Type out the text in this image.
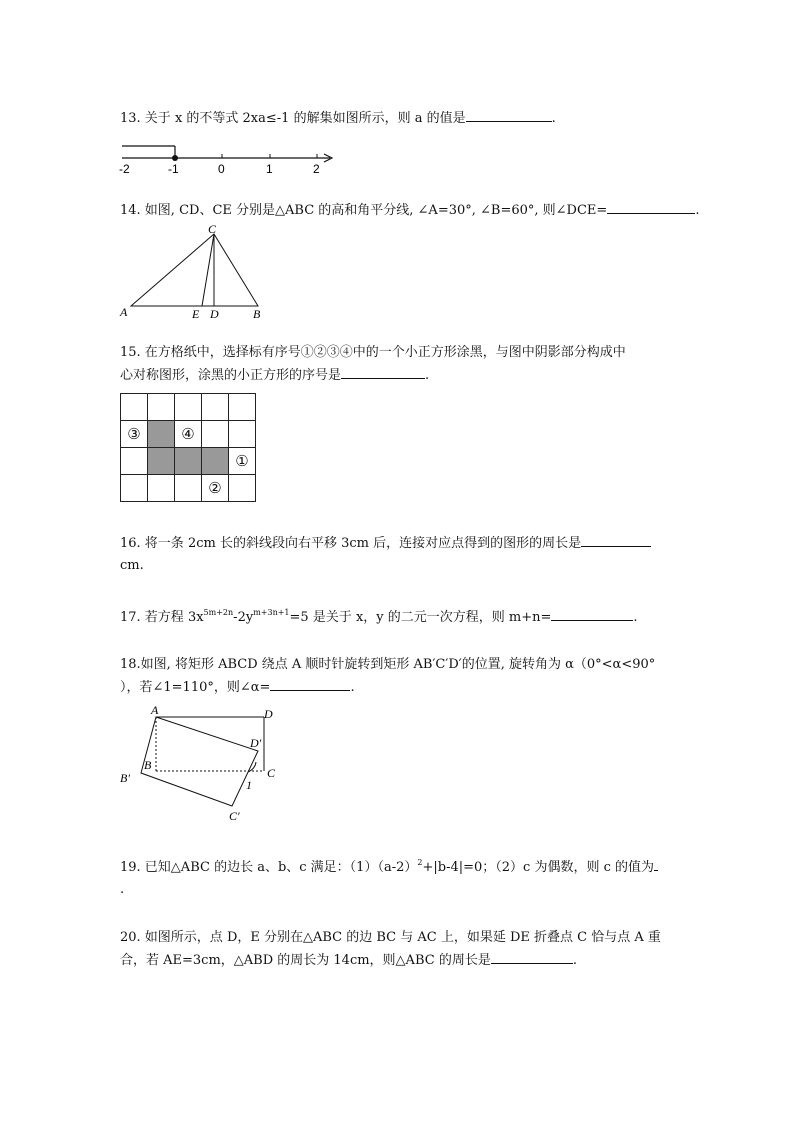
13. 关于 x 的不等式 2xa≤-1 的解集如图所示，则 a 的值是	.
-2	-1	0	1	2
14. 如图, CD、CE 分别是△ABC 的高和角平分线, ∠A=30°, ∠B=60°, 则∠DCE=	.
C
A	E D	B
15. 在方格纸中，选择标有序号①②③④中的一个小正方形涂黑，与图中阴影部分构成中
心对称图形，涂黑的小正方形的序号是	.

③		④		
				①
			②	
16. 将一条 2cm 长的斜线段向右平移 3cm 后，连接对应点得到的图形的周长是
cm.
17. 若方程 $3x^{5m+2n}-2y^{m+3n+1}=5$ 是关于 x，y 的二元一次方程，则 m+n=	.
18.如图, 将矩形 ABCD 绕点 A 顺时针旋转到矩形 AB′C′D′的位置, 旋转角为 α（0°<α<90°
），若∠1=110°，则∠α=	.
A	D
D′
B
B′	C
C′
1
19. 已知△ABC 的边长 a、b、c 满足：$(1)(a-2)^2+|b-4|=0$；（2）c 为偶数，则 c 的值为
.
20. 如图所示，点 D，E 分别在△ABC 的边 BC 与 AC 上，如果延 DE 折叠点 C 恰与点 A 重
合，若 AE=3cm，△ABD 的周长为 14cm，则△ABC 的周长是	.
